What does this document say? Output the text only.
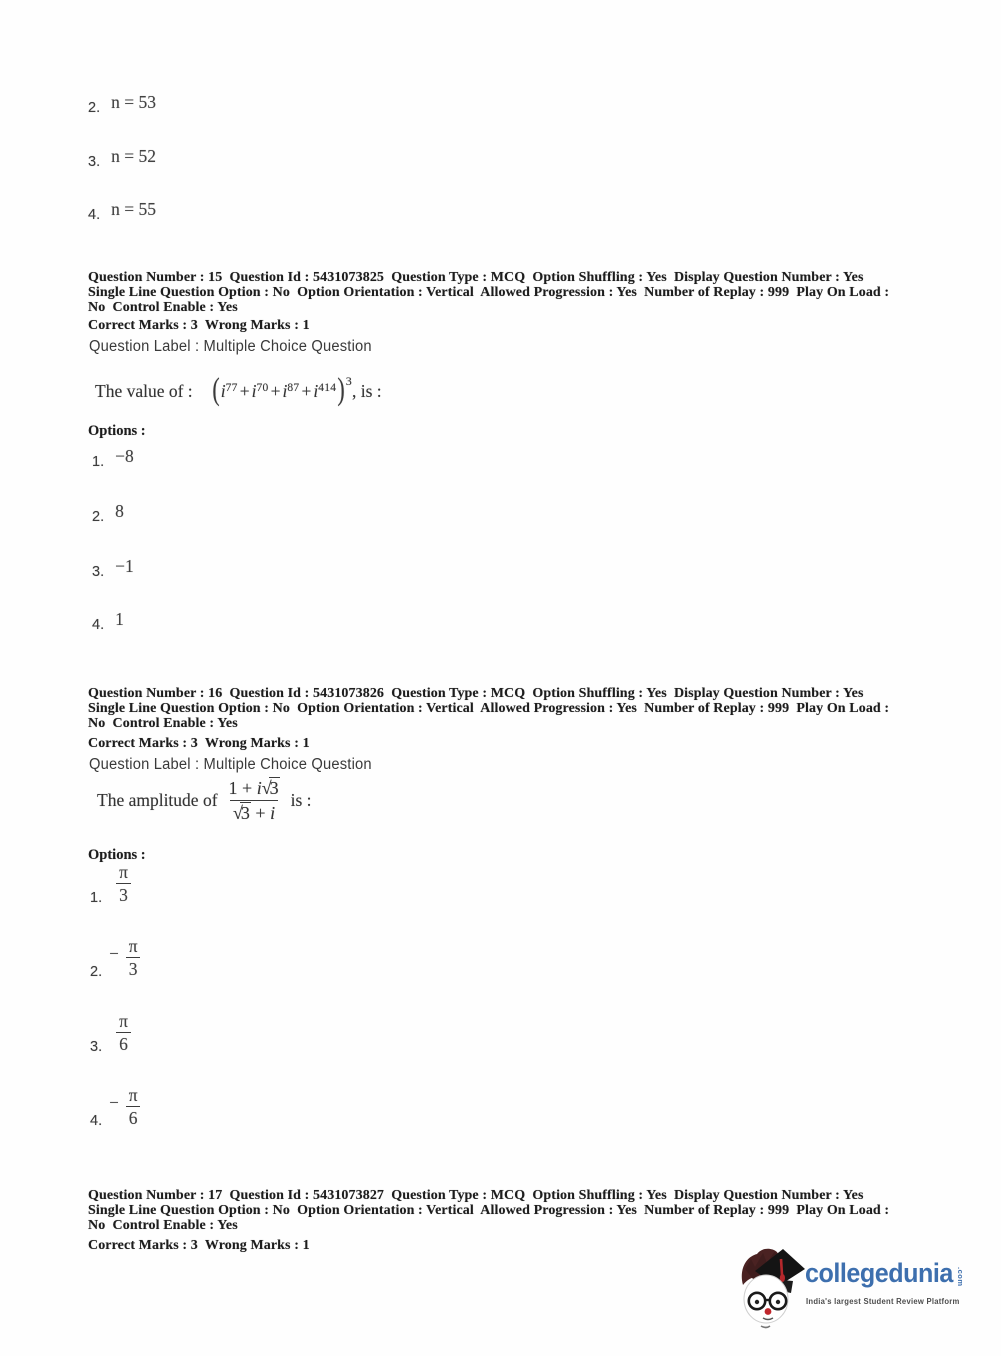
2. n = 53
3. n = 52
4. n = 55
Question Number : 15  Question Id : 5431073825  Question Type : MCQ  Option Shuffling : Yes  Display Question Number : Yes
Single Line Question Option : No  Option Orientation : Vertical  Allowed Progression : Yes  Number of Replay : 999  Play On Load :
No  Control Enable : Yes
Correct Marks : 3  Wrong Marks : 1
Question Label : Multiple Choice Question
The value of : $(i^{77} + i^{70} + i^{87} + i^{414})^3$, is :
Options :
1. −8
2. 8
3. −1
4. 1
Question Number : 16  Question Id : 5431073826  Question Type : MCQ  Option Shuffling : Yes  Display Question Number : Yes
Single Line Question Option : No  Option Orientation : Vertical  Allowed Progression : Yes  Number of Replay : 999  Play On Load :
No  Control Enable : Yes
Correct Marks : 3  Wrong Marks : 1
Question Label : Multiple Choice Question
The amplitude of $\frac{1 + i√3}{√3 + i}$ is :
Options :
1. $\frac{\pi}{3}$
2.
− $\frac{\pi}{3}$
3. $\frac{\pi}{6}$
4.
− $\frac{\pi}{6}$
Question Number : 17  Question Id : 5431073827  Question Type : MCQ  Option Shuffling : Yes  Display Question Number : Yes
Single Line Question Option : No  Option Orientation : Vertical  Allowed Progression : Yes  Number of Replay : 999  Play On Load :
No  Control Enable : Yes
Correct Marks : 3  Wrong Marks : 1
collegedunia .com
India's largest Student Review Platform
